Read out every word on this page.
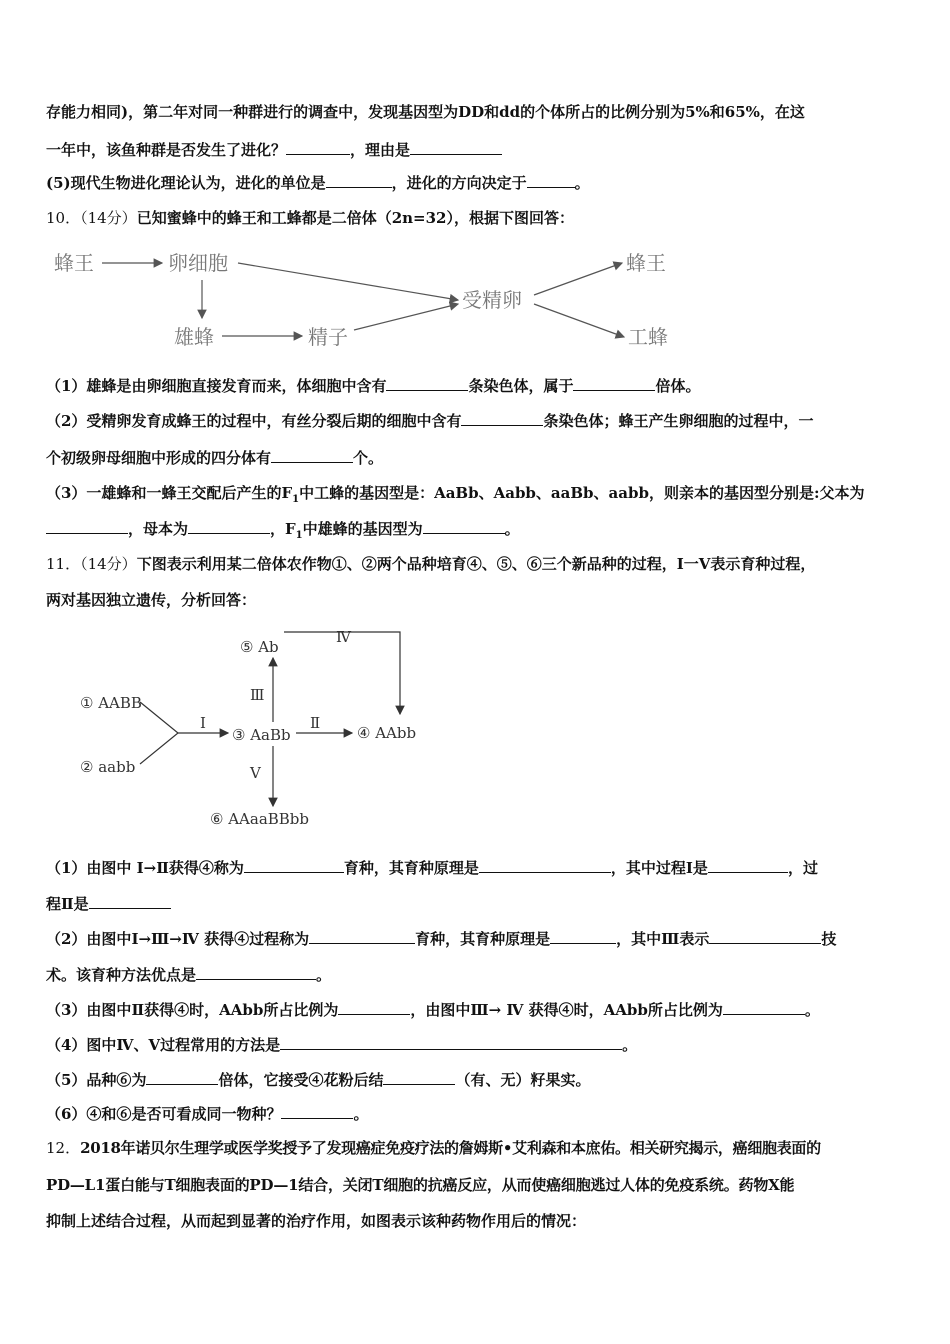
存能力相同)，第二年对同一种群进行的调查中，发现基因型为DD和dd的个体所占的比例分别为5%和65%，在这

一年中，该鱼种群是否发生了进化？	，理由是

(5)现代生物进化理论认为，进化的单位是	，进化的方向决定于	。

10．（14分）已知蜜蜂中的蜂王和工蜂都是二倍体（2n=32），根据下图回答：

蜂王	卵细胞
受精卵
蜂王
雄蜂	精子	工蜂

（1）雄蜂是由卵细胞直接发育而来，体细胞中含有	条染色体，属于	倍体。

（2）受精卵发育成蜂王的过程中，有丝分裂后期的细胞中含有	条染色体；蜂王产生卵细胞的过程中，一

个初级卵母细胞中形成的四分体有	个。

（3）一雄蜂和一蜂王交配后产生的$F_1$中工蜂的基因型是：AaBb、Aabb、aaBb、aabb，则亲本的基因型分别是:父本为

，母本为	，$F_1$中雄蜂的基因型为	。

11．（14分）下图表示利用某二倍体农作物①、②两个品种培育④、⑤、⑥三个新品种的过程，Ⅰ一Ⅴ表示育种过程，

两对基因独立遗传，分析回答：

① AABB
② aabb
③ AaBb	④ AAbb
⑤ Ab
⑥ AAaaBBbb
Ⅰ	Ⅱ
Ⅲ
Ⅳ
Ⅴ

（1）由图中 Ⅰ→Ⅱ获得④称为	育种，其育种原理是	，其中过程Ⅰ是	，过

程Ⅱ是

（2）由图中Ⅰ→Ⅲ→Ⅳ 获得④过程称为	育种，其育种原理是	，其中Ⅲ表示	技

术。该育种方法优点是	。

（3）由图中Ⅱ获得④时，AAbb所占比例为	，由图中Ⅲ→ Ⅳ 获得④时，AAbb所占比例为	。

（4）图中Ⅳ、Ⅴ过程常用的方法是	。

（5）品种⑥为	倍体，它接受④花粉后结	（有、无）籽果实。

（6）④和⑥是否可看成同一物种？	。

12．2018年诺贝尔生理学或医学奖授予了发现癌症免疫疗法的詹姆斯•艾利森和本庶佑。相关研究揭示，癌细胞表面的

PD—L1蛋白能与T细胞表面的PD—1结合，关闭T细胞的抗癌反应，从而使癌细胞逃过人体的免疫系统。药物X能

抑制上述结合过程，从而起到显著的治疗作用，如图表示该种药物作用后的情况：
